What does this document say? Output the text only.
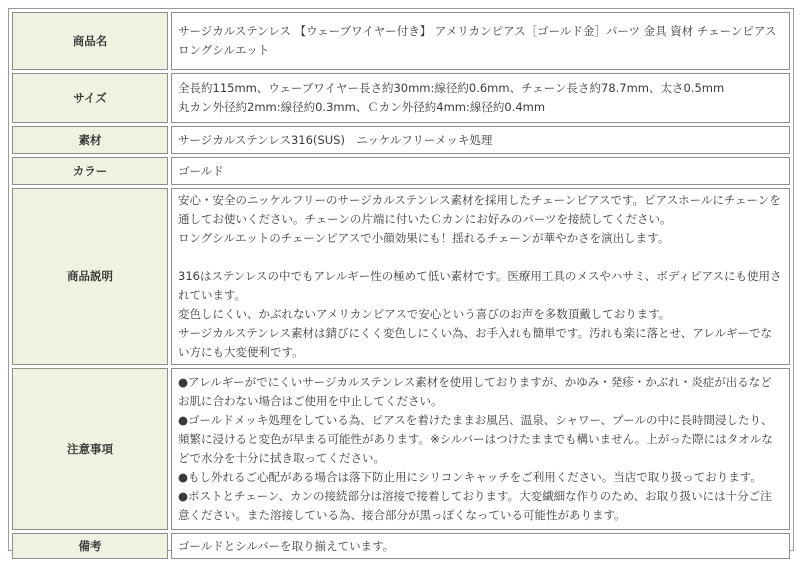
商品名	サージカルステンレス 【ウェーブワイヤー付き】 アメリカンピアス［ゴールド金］パーツ 金具 資材 チェーンピアス ロングシルエット

サイズ	全長約115mm、ウェーブワイヤー長さ約30mm:線径約0.6mm、チェーン長さ約78.7mm、太さ0.5mm

丸カン外径約2mm:線径約0.3mm、Ｃカン外径約4mm:線径約0.4mm

素材	サージカルステンレス316(SUS)　ニッケルフリーメッキ処理

カラー	ゴールド

商品説明	安心・安全のニッケルフリーのサージカルステンレス素材を採用したチェーンピアスです。ピアスホールにチェーンを通してお使いください。チェーンの片端に付いたＣカンにお好みのパーツを接続してください。

ロングシルエットのチェーンピアスで小顔効果にも！揺れるチェーンが華やかさを演出します。

316はステンレスの中でもアレルギー性の極めて低い素材です。医療用工具のメスやハサミ、ボディピアスにも使用されています。

変色しにくい、かぶれないアメリカンピアスで安心という喜びのお声を多数頂戴しております。

サージカルステンレス素材は錆びにくく変色しにくい為、お手入れも簡単です。汚れも楽に落とせ、アレルギーでない方にも大変便利です。

注意事項	●アレルギーがでにくいサージカルステンレス素材を使用しておりますが、かゆみ・発疹・かぶれ・炎症が出るなどお肌に合わない場合はご使用を中止してください。

●ゴールドメッキ処理をしている為、ピアスを着けたままお風呂、温泉、シャワー、プールの中に長時間浸したり、頻繁に浸けると変色が早まる可能性があります。※シルバーはつけたままでも構いません。上がった際にはタオルなどで水分を十分に拭き取ってください。

●もし外れるご心配がある場合は落下防止用にシリコンキャッチをご利用ください。当店で取り扱っております。

●ポストとチェーン、カンの接続部分は溶接で接着しております。大変繊細な作りのため、お取り扱いには十分ご注意ください。また溶接している為、接合部分が黒っぽくなっている可能性があります。

備考	ゴールドとシルバーを取り揃えています。
